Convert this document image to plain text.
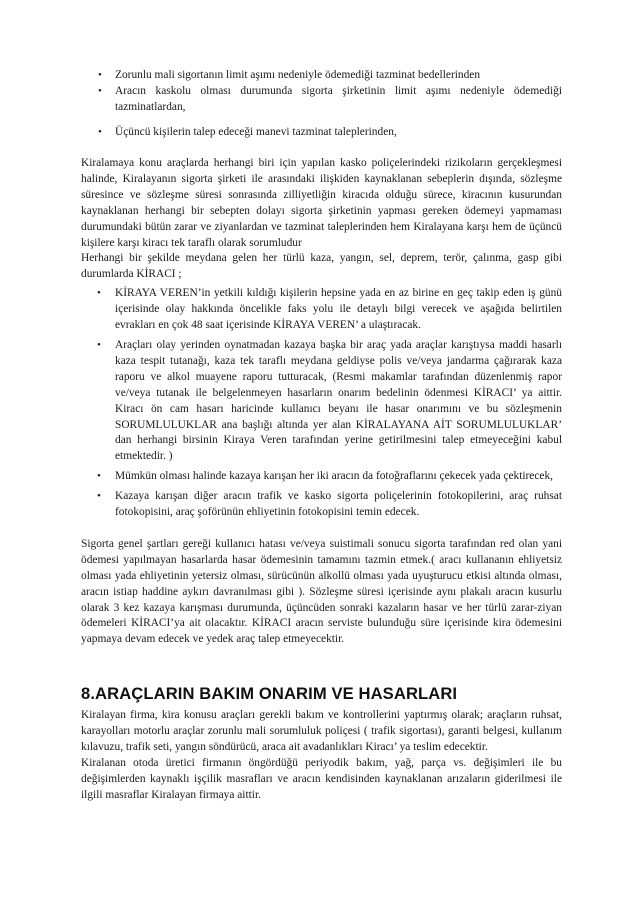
• Zorunlu mali sigortanın limit aşımı nedeniyle ödemediği tazminat bedellerinden
• Aracın kaskolu olması durumunda sigorta şirketinin limit aşımı nedeniyle ödemediği tazminatlardan,
• Üçüncü kişilerin talep edeceği manevi tazminat taleplerinden,

Kiralamaya konu araçlarda herhangi biri için yapılan kasko poliçelerindeki rizikoların gerçekleşmesi halinde, Kiralayanın sigorta şirketi ile arasındaki ilişkiden kaynaklanan sebeplerin dışında, sözleşme süresince ve sözleşme süresi sonrasında zilliyetliğin kiracıda olduğu sürece, kiracının kusurundan kaynaklanan herhangi bir sebepten dolayı sigorta şirketinin yapması gereken ödemeyi yapmaması durumundaki bütün zarar ve ziyanlardan ve tazminat taleplerinden hem Kiralayana karşı hem de üçüncü kişilere karşı kiracı tek taraflı olarak sorumludur

Herhangi bir şekilde meydana gelen her türlü kaza, yangın, sel, deprem, terör, çalınma, gasp gibi durumlarda KİRACI ;

• KİRAYA VEREN’in yetkili kıldığı kişilerin hepsine yada en az birine en geç takip eden iş günü içerisinde olay hakkında öncelikle faks yolu ile detaylı bilgi verecek ve aşağıda belirtilen evrakları en çok 48 saat içerisinde KİRAYA VEREN’ a ulaştıracak.
• Araçları olay yerinden oynatmadan kazaya başka bir araç yada araçlar karıştıysa maddi hasarlı kaza tespit tutanağı, kaza tek taraflı meydana geldiyse polis ve/veya jandarma çağırarak kaza raporu ve alkol muayene raporu tutturacak, (Resmi makamlar tarafından düzenlenmiş rapor ve/veya tutanak ile belgelenmeyen hasarların onarım bedelinin ödenmesi KİRACI’ ya aittir. Kiracı ön cam hasarı haricinde kullanıcı beyanı ile hasar onarımını ve bu sözleşmenin SORUMLULUKLAR ana başlığı altında yer alan KİRALAYANA AİT SORUMLULUKLAR’ dan herhangi birsinin Kiraya Veren tarafından yerine getirilmesini talep etmeyeceğini kabul etmektedir. )
• Mümkün olması halinde kazaya karışan her iki aracın da fotoğraflarını çekecek yada çektirecek,
• Kazaya karışan diğer aracın trafik ve kasko sigorta poliçelerinin fotokopilerini, araç ruhsat fotokopisini, araç şoförünün ehliyetinin fotokopisini temin edecek.

Sigorta genel şartları gereği kullanıcı hatası ve/veya suistimali sonucu sigorta tarafından red olan yani ödemesi yapılmayan hasarlarda hasar ödemesinin tamamını tazmin etmek.( aracı kullananın ehliyetsiz olması yada ehliyetinin yetersiz olması, sürücünün alkollü olması yada uyuşturucu etkisi altında olması, aracın istiap haddine aykırı davranılması gibi ). Sözleşme süresi içerisinde aynı plakalı aracın kusurlu olarak 3 kez kazaya karışması durumunda, üçüncüden sonraki kazaların hasar ve her türlü zarar-ziyan ödemeleri KİRACI’ya ait olacaktır. KİRACI aracın serviste bulunduğu süre içerisinde kira ödemesini yapmaya devam edecek ve yedek araç talep etmeyecektir.

8.ARAÇLARIN BAKIM ONARIM VE HASARLARI

Kiralayan firma, kira konusu araçları gerekli bakım ve kontrollerini yaptırmış olarak; araçların ruhsat, karayolları motorlu araçlar zorunlu mali sorumluluk poliçesi ( trafik sigortası), garanti belgesi, kullanım kılavuzu, trafik seti, yangın söndürücü, araca ait avadanlıkları Kiracı’ ya teslim edecektir.

Kiralanan otoda üretici firmanın öngördüğü periyodik bakım, yağ, parça vs. değişimleri ile bu değişimlerden kaynaklı işçilik masrafları ve aracın kendisinden kaynaklanan arızaların giderilmesi ile ilgili masraflar Kiralayan firmaya aittir.
